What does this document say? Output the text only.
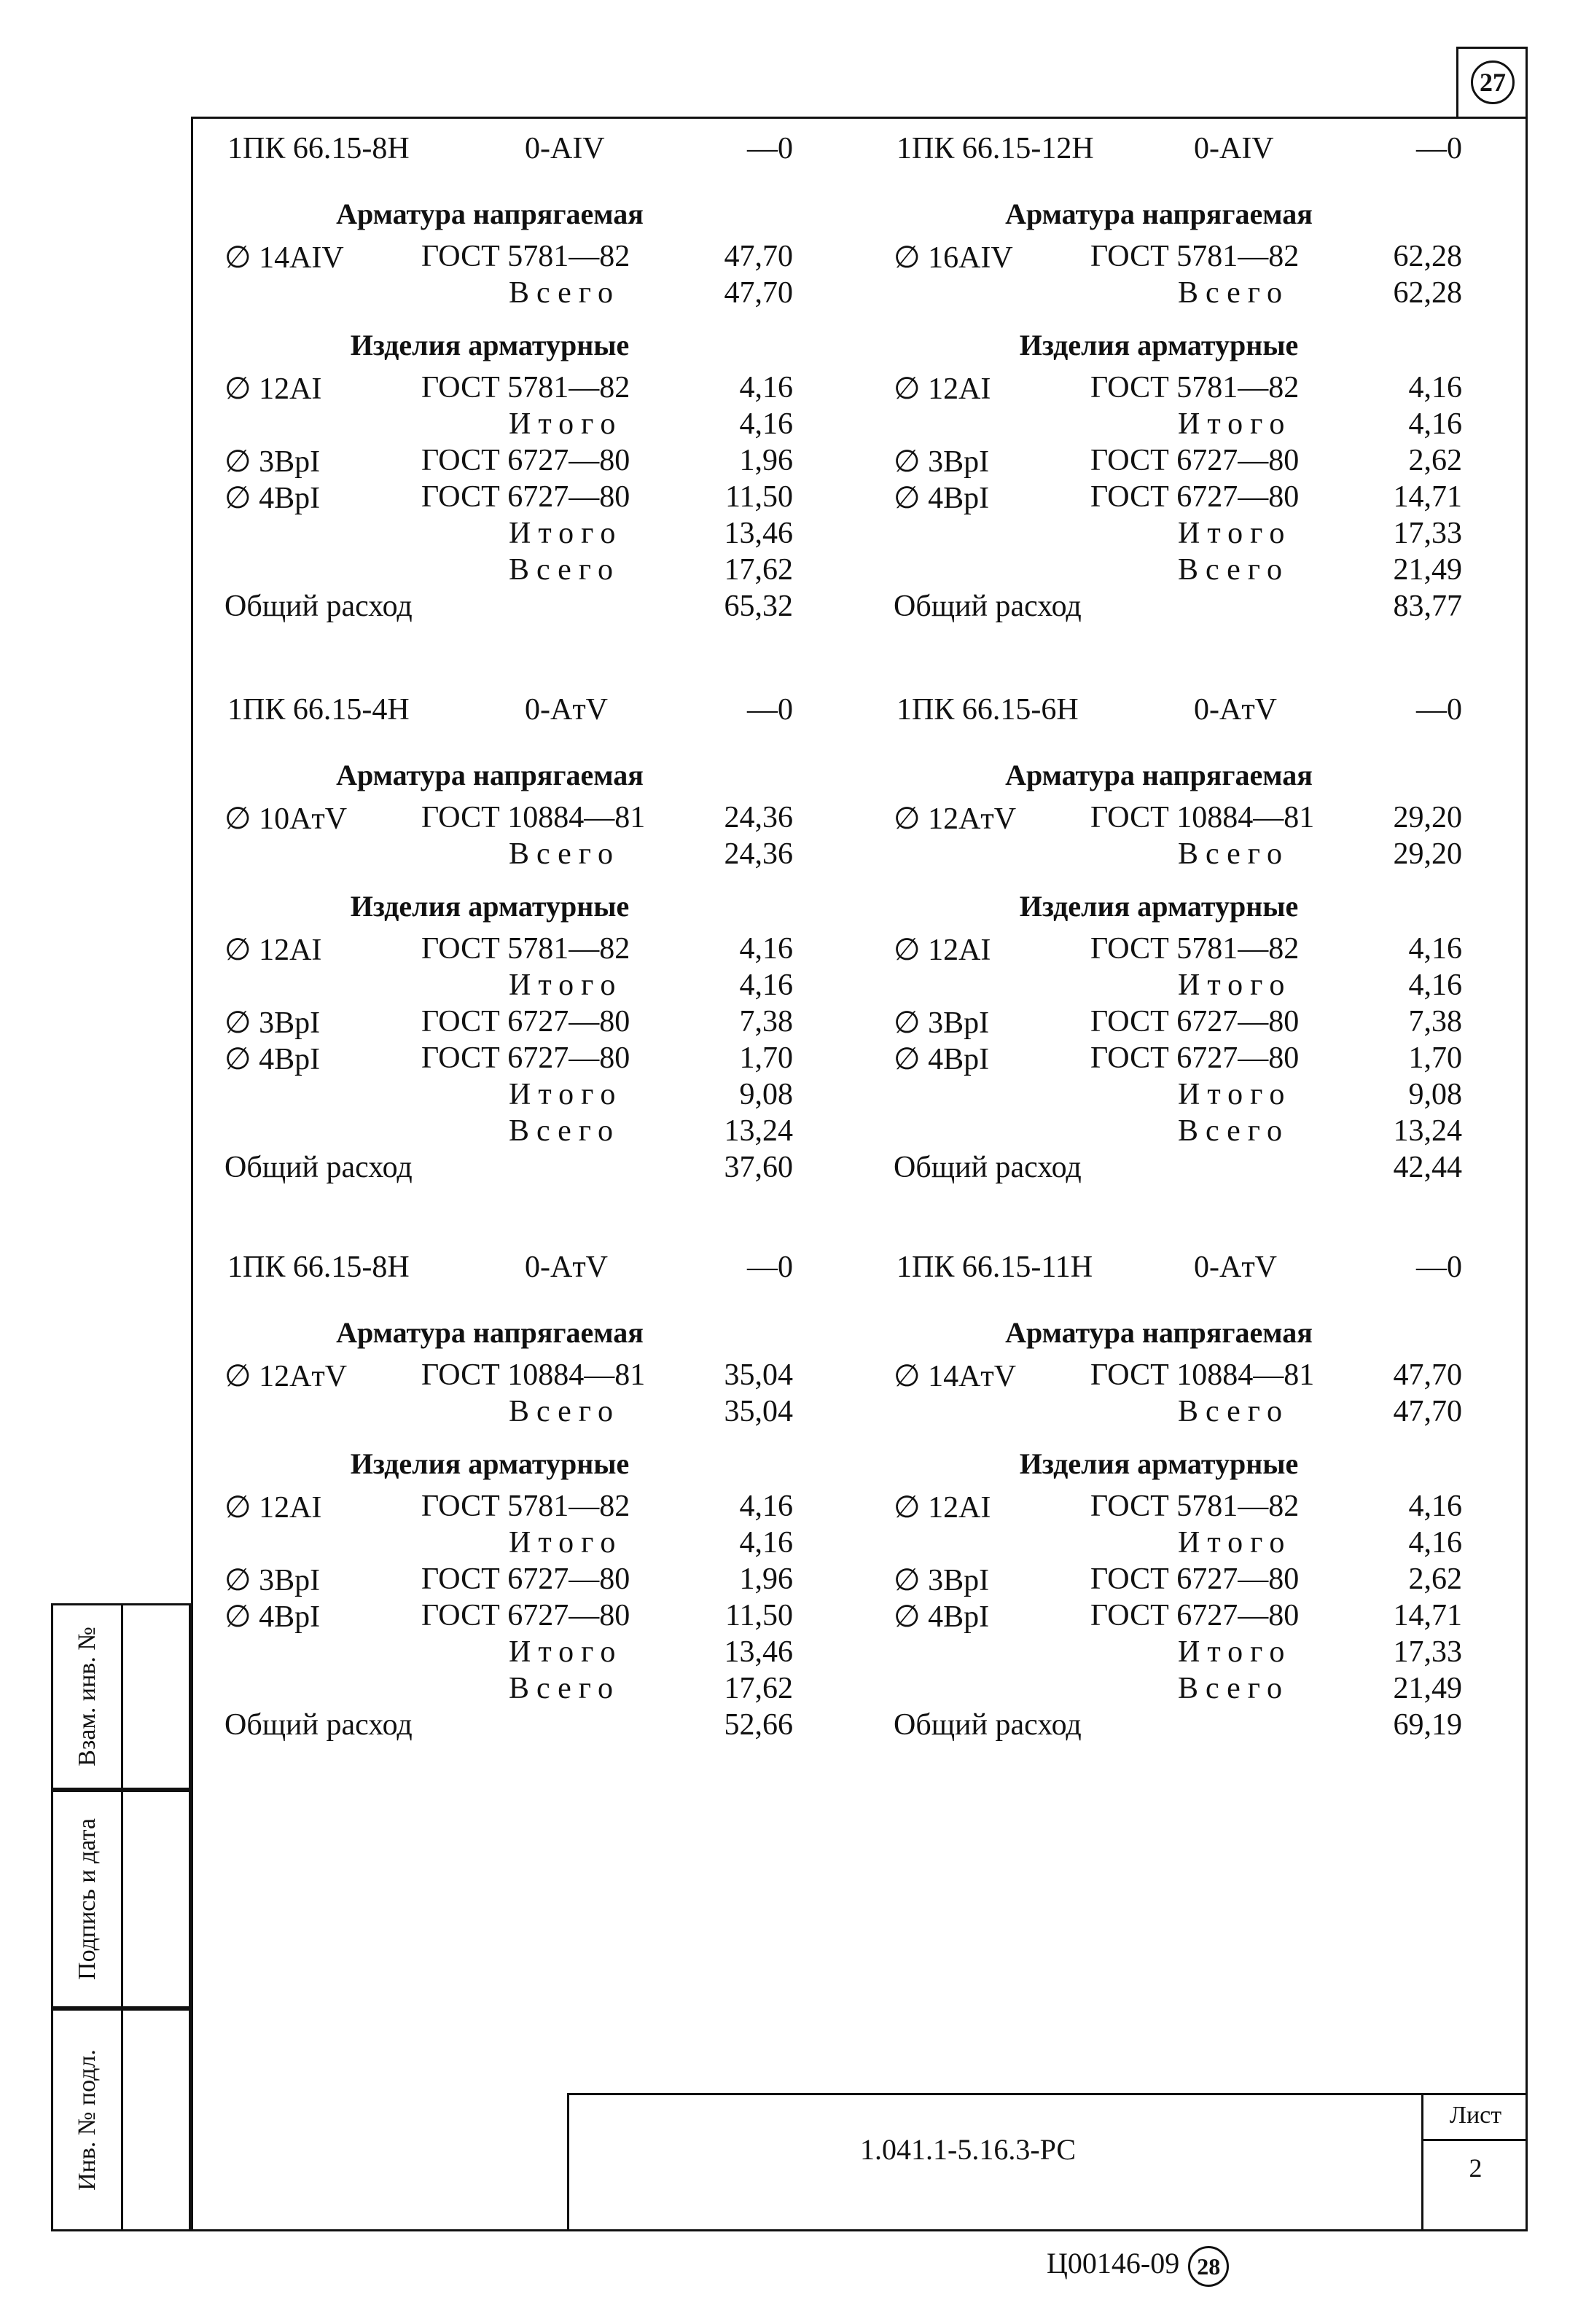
27
1ПК 66.15-8Н	0-AIV	—0
Арматура напрягаемая
∅ 14AIV	ГОСТ 5781—82	47,70
Всего	47,70
Изделия арматурные
∅ 12AI	ГОСТ 5781—82	4,16
Итого	4,16
∅ 3BpI	ГОСТ 6727—80	1,96
∅ 4BpI	ГОСТ 6727—80	11,50
Итого	13,46
Всего	17,62
Общий расход	65,32
1ПК 66.15-12Н	0-AIV	—0
Арматура напрягаемая
∅ 16AIV	ГОСТ 5781—82	62,28
Всего	62,28
Изделия арматурные
∅ 12AI	ГОСТ 5781—82	4,16
Итого	4,16
∅ 3BpI	ГОСТ 6727—80	2,62
∅ 4BpI	ГОСТ 6727—80	14,71
Итого	17,33
Всего	21,49
Общий расход	83,77
1ПК 66.15-4Н	0-AтV	—0
Арматура напрягаемая
∅ 10AтV ГОСТ 10884—81	24,36
Всего	24,36
Изделия арматурные
∅ 12AI	ГОСТ 5781—82	4,16
Итого	4,16
∅ 3BpI	ГОСТ 6727—80	7,38
∅ 4BpI	ГОСТ 6727—80	1,70
Итого	9,08
Всего	13,24
Общий расход	37,60
1ПК 66.15-6Н	0-AтV	—0
Арматура напрягаемая
∅ 12AтV ГОСТ 10884—81	29,20
Всего	29,20
Изделия арматурные
∅ 12AI	ГОСТ 5781—82	4,16
Итого	4,16
∅ 3BpI	ГОСТ 6727—80	7,38
∅ 4BpI	ГОСТ 6727—80	1,70
Итого	9,08
Всего	13,24
Общий расход	42,44
1ПК 66.15-8Н	0-AтV	—0
Арматура напрягаемая
∅ 12AтV ГОСТ 10884—81	35,04
Всего	35,04
Изделия арматурные
∅ 12AI	ГОСТ 5781—82	4,16
Итого	4,16
∅ 3BpI	ГОСТ 6727—80	1,96
∅ 4BpI	ГОСТ 6727—80	11,50
Итого	13,46
Всего	17,62
Общий расход	52,66
1ПК 66.15-11Н	0-AтV	—0
Арматура напрягаемая
∅ 14AтV ГОСТ 10884—81	47,70
Всего	47,70
Изделия арматурные
∅ 12AI	ГОСТ 5781—82	4,16
Итого	4,16
∅ 3BpI	ГОСТ 6727—80	2,62
∅ 4BpI	ГОСТ 6727—80	14,71
Итого	17,33
Всего	21,49
Общий расход	69,19
Взам. инв. №
Подпись и дата
Инв. № подл.	1.041.1-5.16.3-РС
Лист
2
Ц00146-09 28
